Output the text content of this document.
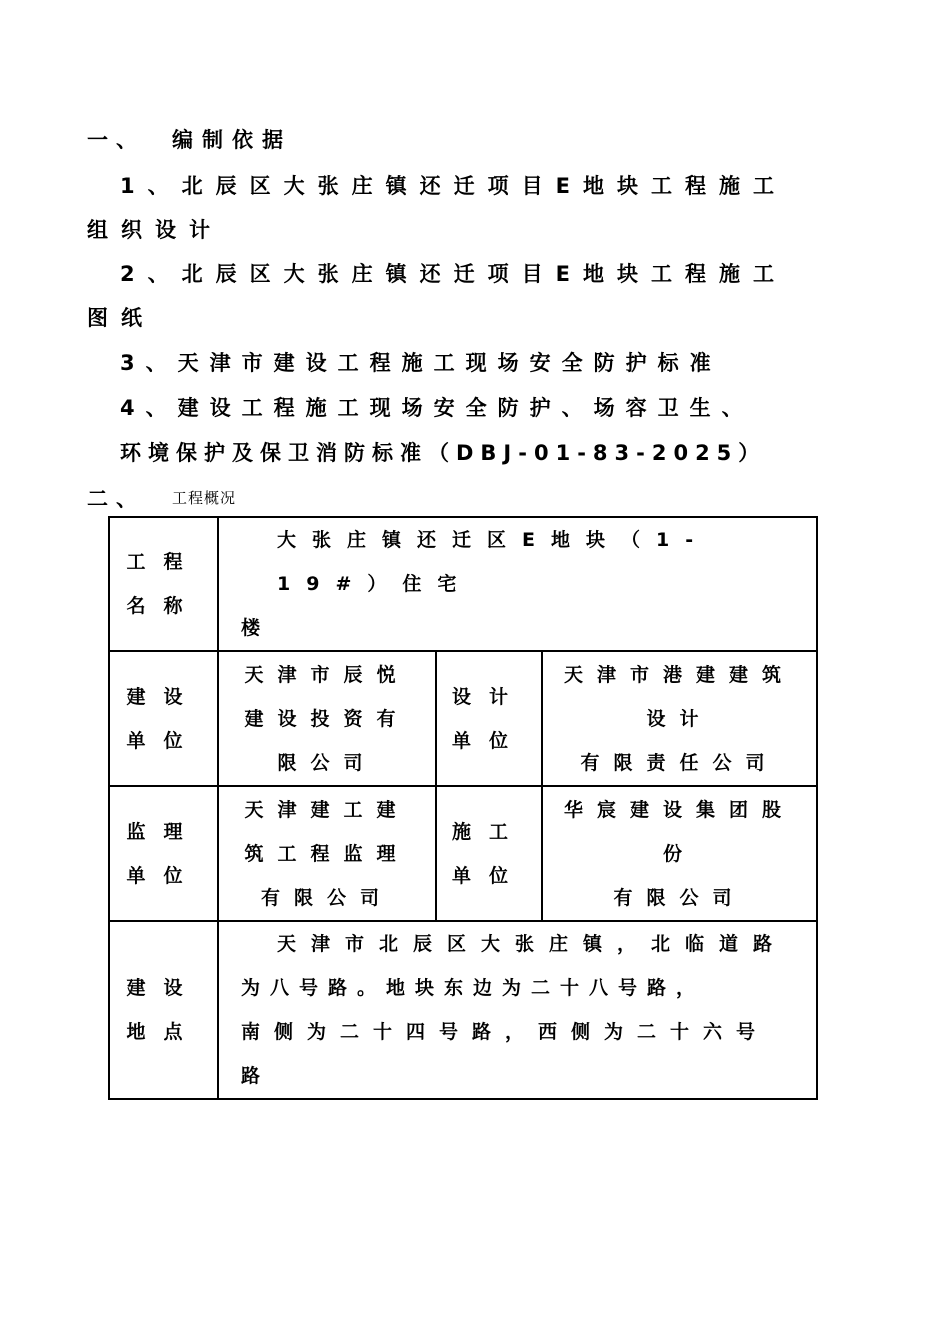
一、 编制依据
1、北辰区大张庄镇还迁项目E地块工程施工
组织设计
2、北辰区大张庄镇还迁项目E地块工程施工
图纸
3、天津市建设工程施工现场安全防护标准
4、建设工程施工现场安全防护、场容卫生、
环境保护及保卫消防标准（DBJ-01-83-2025）
二、 工程概况
工程
名称	大张庄镇还迁区E地块（1-19#）住宅
楼		

建设
单位	天津市辰悦
建设投资有
限公司	设计
单位	天津市港建建筑
设计
有限责任公司

监理
单位	天津建工建
筑工程监理
有限公司	施工
单位	华宸建设集团股
份
有限公司

建设
地点	天津市北辰区大张庄镇，北临道路
为八号路。地块东边为二十八号路，
南侧为二十四号路，西侧为二十六号
路		
